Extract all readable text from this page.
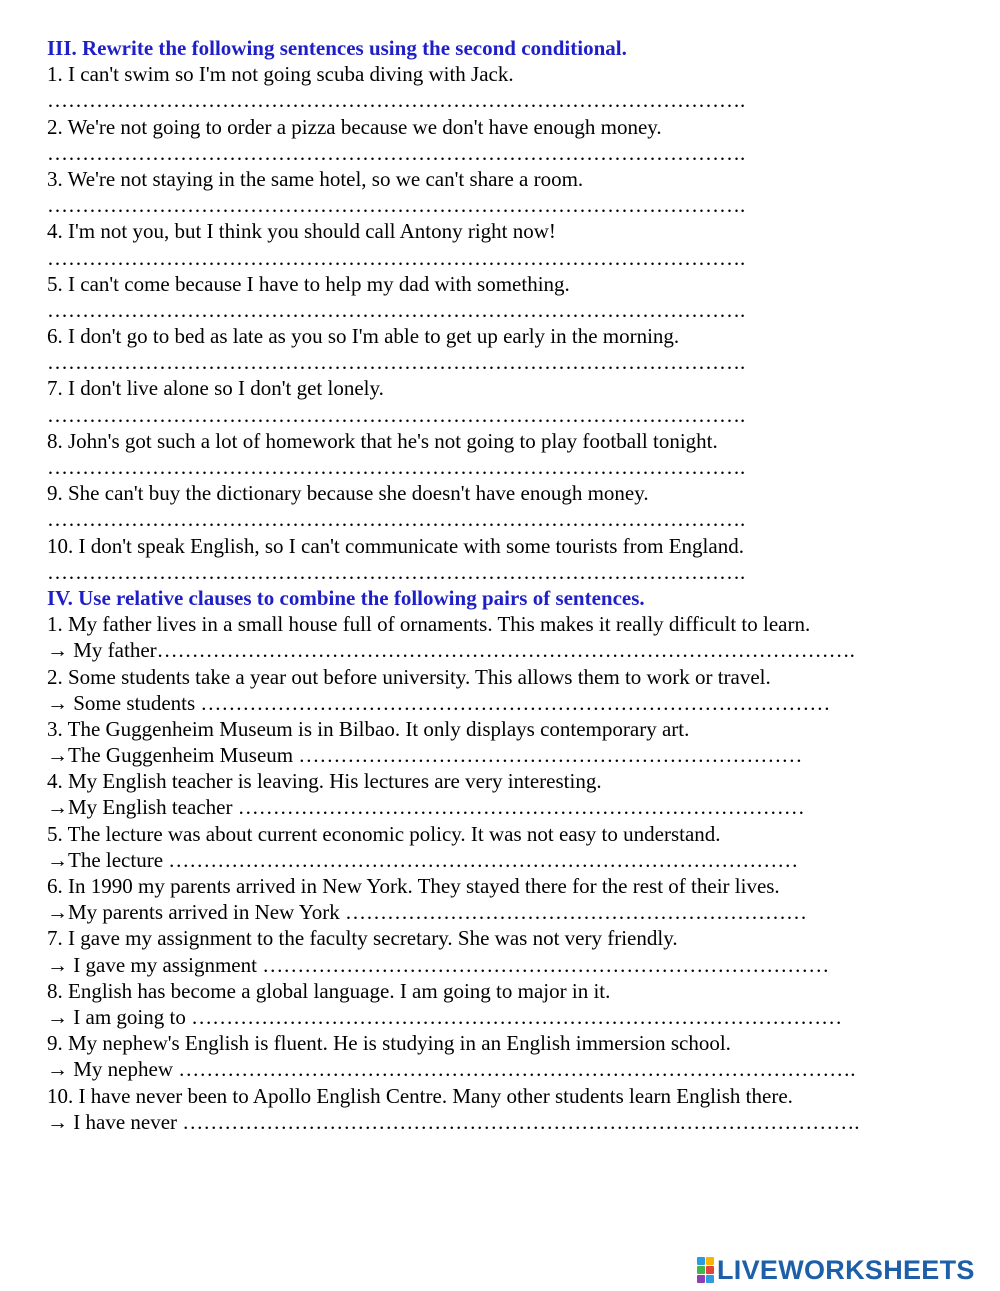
III. Rewrite the following sentences using the second conditional.
1. I can't swim so I'm not going scuba diving with Jack.
……………………………………………………………………………………….
2. We're not going to order a pizza because we don't have enough money.
……………………………………………………………………………………….
3. We're not staying in the same hotel, so we can't share a room.
……………………………………………………………………………………….
4. I'm not you, but I think you should call Antony right now!
……………………………………………………………………………………….
5. I can't come because I have to help my dad with something.
……………………………………………………………………………………….
6. I don't go to bed as late as you so I'm able to get up early in the morning.
……………………………………………………………………………………….
7. I don't live alone so I don't get lonely.
……………………………………………………………………………………….
8. John's got such a lot of homework that he's not going to play football tonight.
……………………………………………………………………………………….
9. She can't buy the dictionary because she doesn't have enough money.
……………………………………………………………………………………….
10. I don't speak English, so I can't communicate with some tourists from England.
……………………………………………………………………………………….
IV. Use relative clauses to combine the following pairs of sentences.
1. My father lives in a small house full of ornaments. This makes it really difficult to learn.
→ My father……………………………………………………………………………………….
2. Some students take a year out before university. This allows them to work or travel.
→ Some students ………………………………………………………………………………
3. The Guggenheim Museum is in Bilbao. It only displays contemporary art.
→The Guggenheim Museum ………………………………………………………………
4. My English teacher is leaving. His lectures are very interesting.
→My English teacher ………………………………………………………………………
5. The lecture was about current economic policy. It was not easy to understand.
→The lecture ………………………………………………………………………………
6. In 1990 my parents arrived in New York. They stayed there for the rest of their lives.
→My parents arrived in New York …………………………………………………………
7. I gave my assignment to the faculty secretary. She was not very friendly.
→ I gave my assignment ………………………………………………………………………
8. English has become a global language. I am going to major in it.
→ I am going to …………………………………………………………………………………
9. My nephew's English is fluent. He is studying in an English immersion school.
→ My nephew …………………………………………………………………………………….
10. I have never been to Apollo English Centre. Many other students learn English there.
→ I have never …………………………………………………………………………………….
LIVEWORKSHEETS
